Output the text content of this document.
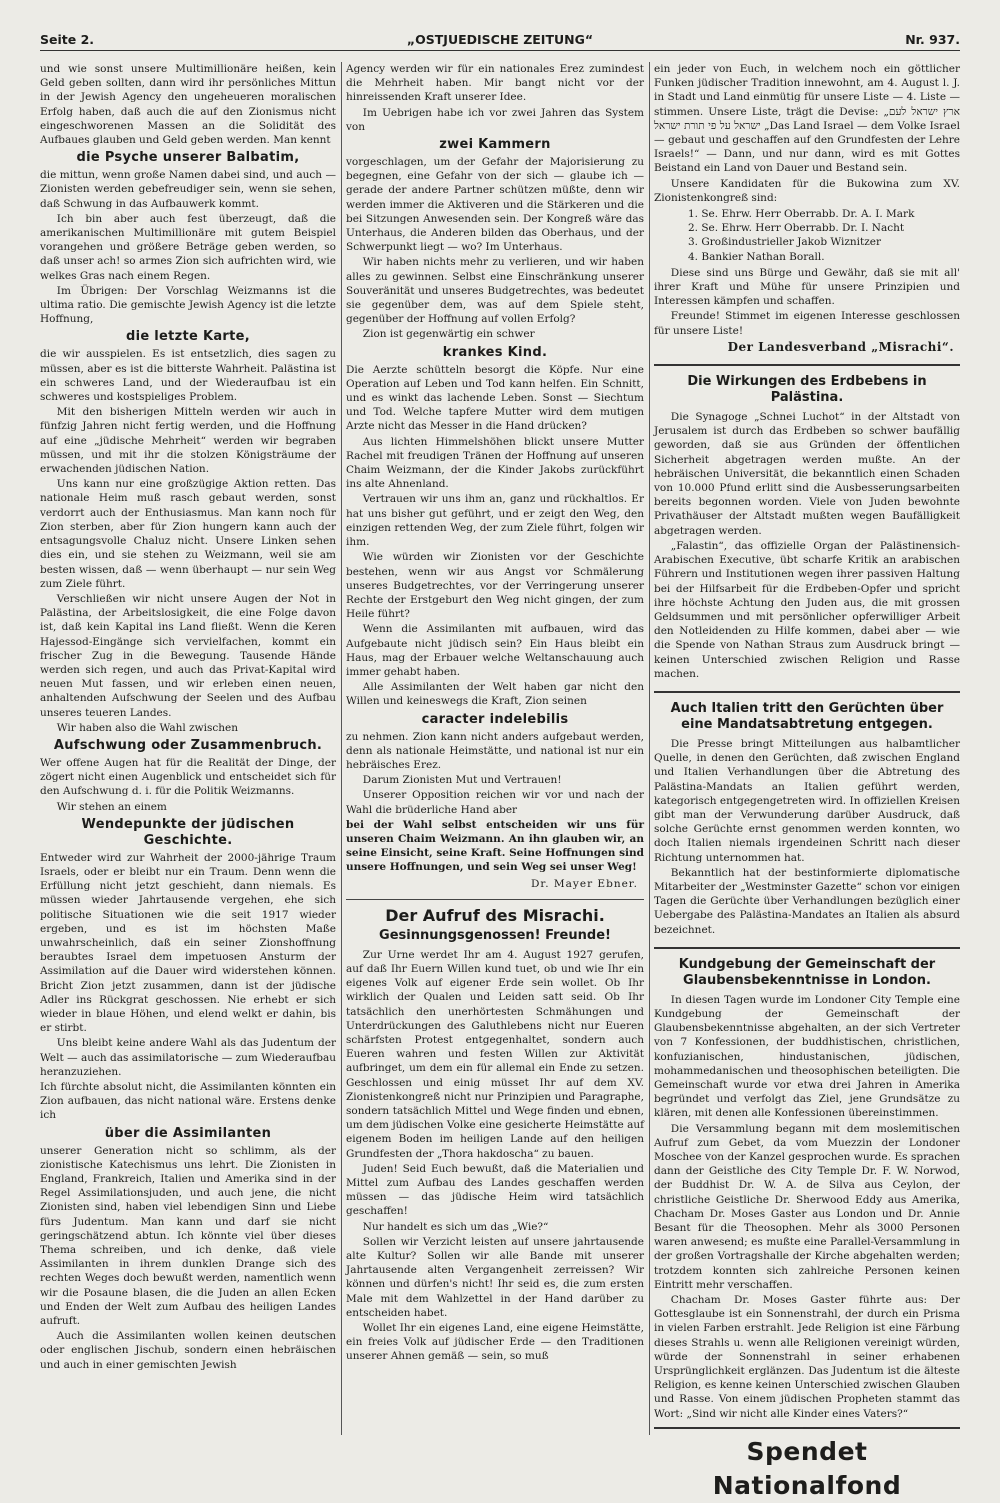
Seite 2.	„OSTJUEDISCHE ZEITUNG“	Nr. 937.

und wie sonst unsere Multimillionäre heißen, kein Geld geben sollten, dann wird ihr persönliches Mittun in der Jewish Agency den ungeheueren moralischen Erfolg haben, daß auch die auf den Zionismus nicht eingeschworenen Massen an die Solidität des Aufbaues glauben und Geld geben werden. Man kennt

die Psyche unserer Balbatim,

die mittun, wenn große Namen dabei sind, und auch — Zionisten werden gebefreudiger sein, wenn sie sehen, daß Schwung in das Aufbauwerk kommt.

Ich bin aber auch fest überzeugt, daß die amerikanischen Multimillionäre mit gutem Beispiel vorangehen und größere Beträge geben werden, so daß unser ach! so armes Zion sich aufrichten wird, wie welkes Gras nach einem Regen.

Im Übrigen: Der Vorschlag Weizmanns ist die ultima ratio. Die gemischte Jewish Agency ist die letzte Hoffnung,

die letzte Karte,

die wir ausspielen. Es ist entsetzlich, dies sagen zu müssen, aber es ist die bitterste Wahrheit. Palästina ist ein schweres Land, und der Wiederaufbau ist ein schweres und kostspieliges Problem.

Mit den bisherigen Mitteln werden wir auch in fünfzig Jahren nicht fertig werden, und die Hoffnung auf eine „jüdische Mehrheit“ werden wir begraben müssen, und mit ihr die stolzen Königsträume der erwachenden jüdischen Nation.

Uns kann nur eine großzügige Aktion retten. Das nationale Heim muß rasch gebaut werden, sonst verdorrt auch der Enthusiasmus. Man kann noch für Zion sterben, aber für Zion hungern kann auch der entsagungsvolle Chaluz nicht. Unsere Linken sehen dies ein, und sie stehen zu Weizmann, weil sie am besten wissen, daß — wenn überhaupt — nur sein Weg zum Ziele führt.

Verschließen wir nicht unsere Augen der Not in Palästina, der Arbeitslosigkeit, die eine Folge davon ist, daß kein Kapital ins Land fließt. Wenn die Keren Hajessod-Eingänge sich vervielfachen, kommt ein frischer Zug in die Bewegung. Tausende Hände werden sich regen, und auch das Privat-Kapital wird neuen Mut fassen, und wir erleben einen neuen, anhaltenden Aufschwung der Seelen und des Aufbau unseres teueren Landes.

Wir haben also die Wahl zwischen

Aufschwung oder Zusammenbruch.

Wer offene Augen hat für die Realität der Dinge, der zögert nicht einen Augenblick und entscheidet sich für den Aufschwung d. i. für die Politik Weizmanns.

Wir stehen an einem

Wendepunkte der jüdischen Geschichte.

Entweder wird zur Wahrheit der 2000-jährige Traum Israels, oder er bleibt nur ein Traum. Denn wenn die Erfüllung nicht jetzt geschieht, dann niemals. Es müssen wieder Jahrtausende vergehen, ehe sich politische Situationen wie die seit 1917 wieder ergeben, und es ist im höchsten Maße unwahrscheinlich, daß ein seiner Zionshoffnung beraubtes Israel dem impetuosen Ansturm der Assimilation auf die Dauer wird widerstehen können. Bricht Zion jetzt zusammen, dann ist der jüdische Adler ins Rückgrat geschossen. Nie erhebt er sich wieder in blaue Höhen, und elend welkt er dahin, bis er stirbt.

Uns bleibt keine andere Wahl als das Judentum der Welt — auch das assimilatorische — zum Wiederaufbau heranzuziehen.

Ich fürchte absolut nicht, die Assimilanten könnten ein Zion aufbauen, das nicht national wäre. Erstens denke ich

über die Assimilanten

unserer Generation nicht so schlimm, als der zionistische Katechismus uns lehrt. Die Zionisten in England, Frankreich, Italien und Amerika sind in der Regel Assimilationsjuden, und auch jene, die nicht Zionisten sind, haben viel lebendigen Sinn und Liebe fürs Judentum. Man kann und darf sie nicht geringschätzend abtun. Ich könnte viel über dieses Thema schreiben, und ich denke, daß viele Assimilanten in ihrem dunklen Drange sich des rechten Weges doch bewußt werden, namentlich wenn wir die Posaune blasen, die die Juden an allen Ecken und Enden der Welt zum Aufbau des heiligen Landes aufruft.

Auch die Assimilanten wollen keinen deutschen oder englischen Jischub, sondern einen hebräischen und auch in einer gemischten Jewish

Agency werden wir für ein nationales Erez zumindest die Mehrheit haben. Mir bangt nicht vor der hinreissenden Kraft unserer Idee.

Im Uebrigen habe ich vor zwei Jahren das System von

zwei Kammern

vorgeschlagen, um der Gefahr der Majorisierung zu begegnen, eine Gefahr von der sich — glaube ich — gerade der andere Partner schützen müßte, denn wir werden immer die Aktiveren und die Stärkeren und die bei Sitzungen Anwesenden sein. Der Kongreß wäre das Unterhaus, die Anderen bilden das Oberhaus, und der Schwerpunkt liegt — wo? Im Unterhaus.

Wir haben nichts mehr zu verlieren, und wir haben alles zu gewinnen. Selbst eine Einschränkung unserer Souveränität und unseres Budgetrechtes, was bedeutet sie gegenüber dem, was auf dem Spiele steht, gegenüber der Hoffnung auf vollen Erfolg?

Zion ist gegenwärtig ein schwer

krankes Kind.

Die Aerzte schütteln besorgt die Köpfe. Nur eine Operation auf Leben und Tod kann helfen. Ein Schnitt, und es winkt das lachende Leben. Sonst — Siechtum und Tod. Welche tapfere Mutter wird dem mutigen Arzte nicht das Messer in die Hand drücken?

Aus lichten Himmelshöhen blickt unsere Mutter Rachel mit freudigen Tränen der Hoffnung auf unseren Chaim Weizmann, der die Kinder Jakobs zurückführt ins alte Ahnenland.

Vertrauen wir uns ihm an, ganz und rückhaltlos. Er hat uns bisher gut geführt, und er zeigt den Weg, den einzigen rettenden Weg, der zum Ziele führt, folgen wir ihm.

Wie würden wir Zionisten vor der Geschichte bestehen, wenn wir aus Angst vor Schmälerung unseres Budgetrechtes, vor der Verringerung unserer Rechte der Erstgeburt den Weg nicht gingen, der zum Heile führt?

Wenn die Assimilanten mit aufbauen, wird das Aufgebaute nicht jüdisch sein? Ein Haus bleibt ein Haus, mag der Erbauer welche Weltanschauung auch immer gehabt haben.

Alle Assimilanten der Welt haben gar nicht den Willen und keineswegs die Kraft, Zion seinen

caracter indelebilis

zu nehmen. Zion kann nicht anders aufgebaut werden, denn als nationale Heimstätte, und national ist nur ein hebräisches Erez.

Darum Zionisten Mut und Vertrauen!

Unserer Opposition reichen wir vor und nach der Wahl die brüderliche Hand aber

bei der Wahl selbst entscheiden wir uns für unseren Chaim Weizmann. An ihn glauben wir, an seine Einsicht, seine Kraft. Seine Hoffnungen sind unsere Hoffnungen, und sein Weg sei unser Weg!

Dr. Mayer Ebner.
Der Aufruf des Misrachi.
Gesinnungsgenossen! Freunde!

Zur Urne werdet Ihr am 4. August 1927 gerufen, auf daß Ihr Euern Willen kund tuet, ob und wie Ihr ein eigenes Volk auf eigener Erde sein wollet. Ob Ihr wirklich der Qualen und Leiden satt seid. Ob Ihr tatsächlich den unerhörtesten Schmähungen und Unterdrückungen des Galuthlebens nicht nur Eueren schärfsten Protest entgegenhaltet, sondern auch Eueren wahren und festen Willen zur Aktivität aufbringet, um dem ein für allemal ein Ende zu setzen. Geschlossen und einig müsset Ihr auf dem XV. Zionistenkongreß nicht nur Prinzipien und Paragraphe, sondern tatsächlich Mittel und Wege finden und ebnen, um dem jüdischen Volke eine gesicherte Heimstätte auf eigenem Boden im heiligen Lande auf den heiligen Grundfesten der „Thora hakdoscha“ zu bauen.

Juden! Seid Euch bewußt, daß die Materialien und Mittel zum Aufbau des Landes geschaffen werden müssen — das jüdische Heim wird tatsächlich geschaffen!

Nur handelt es sich um das „Wie?“

Sollen wir Verzicht leisten auf unsere jahrtausende alte Kultur? Sollen wir alle Bande mit unserer Jahrtausende alten Vergangenheit zerreissen? Wir können und dürfen's nicht! Ihr seid es, die zum ersten Male mit dem Wahlzettel in der Hand darüber zu entscheiden habet.

Wollet Ihr ein eigenes Land, eine eigene Heimstätte, ein freies Volk auf jüdischer Erde — den Traditionen unserer Ahnen gemäß — sein, so muß

ein jeder von Euch, in welchem noch ein göttlicher Funken jüdischer Tradition innewohnt, am 4. August l. J. in Stadt und Land einmütig für unsere Liste — 4. Liste — stimmen. Unsere Liste, trägt die Devise: „ארץ ישראל לעם ישראל על פי תורת ישראל „Das Land Israel — dem Volke Israel — gebaut und geschaffen auf den Grundfesten der Lehre Israels!“ — Dann, und nur dann, wird es mit Gottes Beistand ein Land von Dauer und Bestand sein.

Unsere Kandidaten für die Bukowina zum XV. Zionistenkongreß sind:

1. Se. Ehrw. Herr Oberrabb. Dr. A. I. Mark
2. Se. Ehrw. Herr Oberrabb. Dr. I. Nacht
3. Großindustrieller Jakob Wiznitzer
4. Bankier Nathan Borall.

Diese sind uns Bürge und Gewähr, daß sie mit all' ihrer Kraft und Mühe für unsere Prinzipien und Interessen kämpfen und schaffen.

Freunde! Stimmet im eigenen Interesse geschlossen für unsere Liste!

Der Landesverband „Misrachi“.
Die Wirkungen des Erdbebens in Palästina.

Die Synagoge „Schnei Luchot“ in der Altstadt von Jerusalem ist durch das Erdbeben so schwer baufällig geworden, daß sie aus Gründen der öffentlichen Sicherheit abgetragen werden mußte. An der hebräischen Universität, die bekanntlich einen Schaden von 10.000 Pfund erlitt sind die Ausbesserungsarbeiten bereits begonnen worden. Viele von Juden bewohnte Privathäuser der Altstadt mußten wegen Baufälligkeit abgetragen werden.

„Falastin“, das offizielle Organ der Palästinensich-Arabischen Executive, übt scharfe Kritik an arabischen Führern und Institutionen wegen ihrer passiven Haltung bei der Hilfsarbeit für die Erdbeben-Opfer und spricht ihre höchste Achtung den Juden aus, die mit grossen Geldsummen und mit persönlicher opferwilliger Arbeit den Notleidenden zu Hilfe kommen, dabei aber — wie die Spende von Nathan Straus zum Ausdruck bringt — keinen Unterschied zwischen Religion und Rasse machen.

Auch Italien tritt den Gerüchten über eine Mandatsabtretung entgegen.

Die Presse bringt Mitteilungen aus halbamtlicher Quelle, in denen den Gerüchten, daß zwischen England und Italien Verhandlungen über die Abtretung des Palästina-Mandats an Italien geführt werden, kategorisch entgegengetreten wird. In offiziellen Kreisen gibt man der Verwunderung darüber Ausdruck, daß solche Gerüchte ernst genommen werden konnten, wo doch Italien niemals irgendeinen Schritt nach dieser Richtung unternommen hat.

Bekanntlich hat der bestinformierte diplomatische Mitarbeiter der „Westminster Gazette“ schon vor einigen Tagen die Gerüchte über Verhandlungen bezüglich einer Uebergabe des Palästina-Mandates an Italien als absurd bezeichnet.

Kundgebung der Gemeinschaft der Glaubensbekenntnisse in London.

In diesen Tagen wurde im Londoner City Temple eine Kundgebung der Gemeinschaft der Glaubensbekenntnisse abgehalten, an der sich Vertreter von 7 Konfessionen, der buddhistischen, christlichen, konfuzianischen, hindustanischen, jüdischen, mohammedanischen und theosophischen beteiligten. Die Gemeinschaft wurde vor etwa drei Jahren in Amerika begründet und verfolgt das Ziel, jene Grundsätze zu klären, mit denen alle Konfessionen übereinstimmen.

Die Versammlung begann mit dem moslemitischen Aufruf zum Gebet, da vom Muezzin der Londoner Moschee von der Kanzel gesprochen wurde. Es sprachen dann der Geistliche des City Temple Dr. F. W. Norwod, der Buddhist Dr. W. A. de Silva aus Ceylon, der christliche Geistliche Dr. Sherwood Eddy aus Amerika, Chacham Dr. Moses Gaster aus London und Dr. Annie Besant für die Theosophen. Mehr als 3000 Personen waren anwesend; es mußte eine Parallel-Versammlung in der großen Vortragshalle der Kirche abgehalten werden; trotzdem konnten sich zahlreiche Personen keinen Eintritt mehr verschaffen.

Chacham Dr. Moses Gaster führte aus: Der Gottesglaube ist ein Sonnenstrahl, der durch ein Prisma in vielen Farben erstrahlt. Jede Religion ist eine Färbung dieses Strahls u. wenn alle Religionen vereinigt würden, würde der Sonnenstrahl in seiner erhabenen Ursprünglichkeit erglänzen. Das Judentum ist die älteste Religion, es kenne keinen Unterschied zwischen Glauben und Rasse. Von einem jüdischen Propheten stammt das Wort: „Sind wir nicht alle Kinder eines Vaters?“

Spendet Nationalfond
